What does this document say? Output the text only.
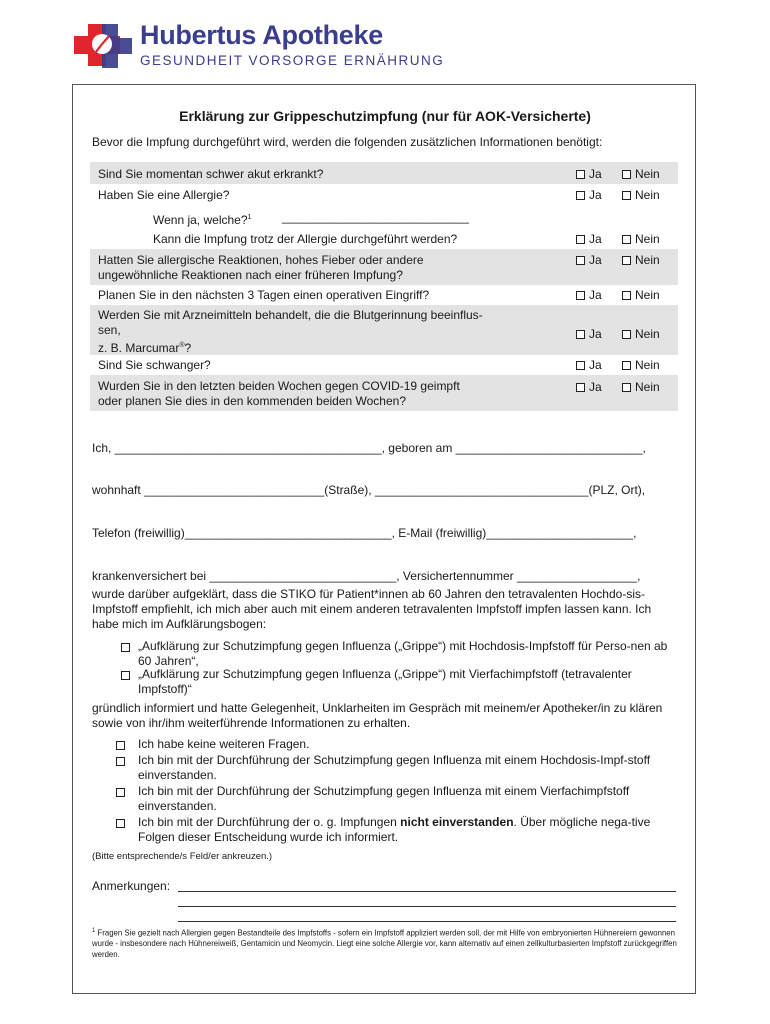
Hubertus Apotheke
GESUNDHEIT VORSORGE ERNÄHRUNG
Erklärung zur Grippeschutzimpfung (nur für AOK-Versicherte)
Bevor die Impfung durchgeführt wird, werden die folgenden zusätzlichen Informationen benötigt:
Sind Sie momentan schwer akut erkrankt?	Ja	Nein
Haben Sie eine Allergie?	Ja	Nein
Wenn ja, welche?$^1$	____________________________
Kann die Impfung trotz der Allergie durchgeführt werden?	Ja	Nein
Hatten Sie allergische Reaktionen, hohes Fieber oder andere
ungewöhnliche Reaktionen nach einer früheren Impfung?
Ja	Nein
Planen Sie in den nächsten 3 Tagen einen operativen Eingriff?	Ja	Nein
Werden Sie mit Arzneimitteln behandelt, die die Blutgerinnung beeinflus-
sen,
z. B. Marcumar®?
Ja	Nein
Sind Sie schwanger?	Ja	Nein
Wurden Sie in den letzten beiden Wochen gegen COVID-19 geimpft
oder planen Sie dies in den kommenden beiden Wochen?
Ja	Nein
Ich, ________________________________________, geboren am ____________________________,
wohnhaft ___________________________(Straße), ________________________________(PLZ, Ort),
Telefon (freiwillig)_______________________________, E-Mail (freiwillig)______________________,
krankenversichert bei ____________________________, Versichertennummer __________________,
wurde darüber aufgeklärt, dass die STIKO für Patient*innen ab 60 Jahren den tetravalenten Hochdo-sis-Impfstoff empfiehlt, ich mich aber auch mit einem anderen tetravalenten Impfstoff impfen lassen kann. Ich habe mich im Aufklärungsbogen:
„Aufklärung zur Schutzimpfung gegen Influenza („Grippe“) mit Hochdosis-Impfstoff für Perso-nen ab 60 Jahren“,
„Aufklärung zur Schutzimpfung gegen Influenza („Grippe“) mit Vierfachimpfstoff (tetravalenter Impfstoff)“
gründlich informiert und hatte Gelegenheit, Unklarheiten im Gespräch mit meinem/er Apotheker/in zu klären sowie von ihr/ihm weiterführende Informationen zu erhalten.
Ich habe keine weiteren Fragen.
Ich bin mit der Durchführung der Schutzimpfung gegen Influenza mit einem Hochdosis-Impf-stoff einverstanden.
Ich bin mit der Durchführung der Schutzimpfung gegen Influenza mit einem Vierfachimpfstoff einverstanden.
Ich bin mit der Durchführung der o. g. Impfungen nicht einverstanden. Über mögliche nega-tive Folgen dieser Entscheidung wurde ich informiert.
(Bitte entsprechende/s Feld/er ankreuzen.)
Anmerkungen:
$^1$ Fragen Sie gezielt nach Allergien gegen Bestandteile des Impfstoffs - sofern ein Impfstoff appliziert werden soll, der mit Hilfe von embryonierten Hühnereiern gewonnen wurde - insbesondere nach Hühnereiweiß, Gentamicin und Neomycin. Liegt eine solche Allergie vor, kann alternativ auf einen zellkulturbasierten Impfstoff zurückgegriffen werden.
